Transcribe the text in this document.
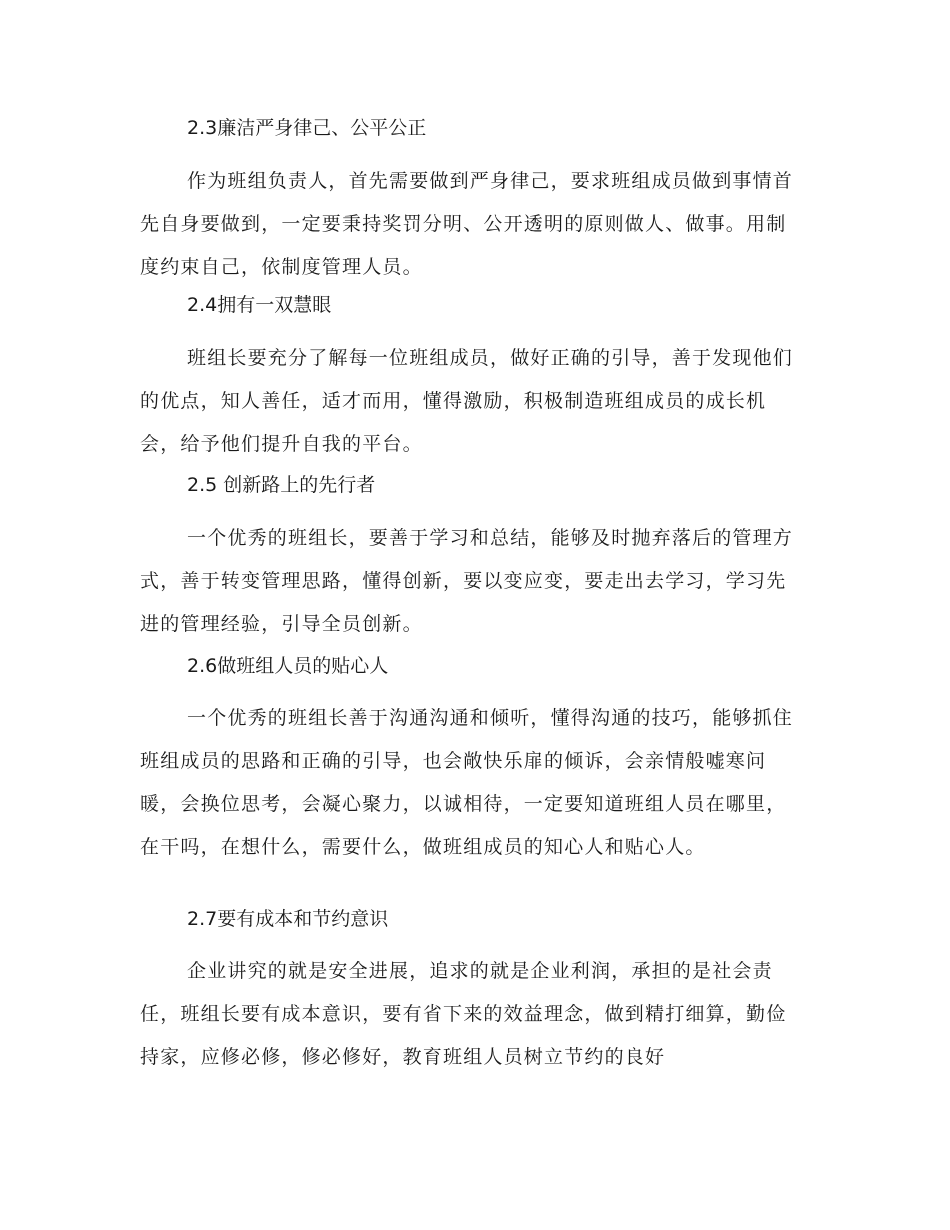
2.3廉洁严身律己、公平公正

作为班组负责人，首先需要做到严身律己，要求班组成员做到事情首先自身要做到，一定要秉持奖罚分明、公开透明的原则做人、做事。用制度约束自己，依制度管理人员。

2.4拥有一双慧眼

班组长要充分了解每一位班组成员，做好正确的引导，善于发现他们的优点，知人善任，适才而用，懂得激励，积极制造班组成员的成长机会，给予他们提升自我的平台。

2.5 创新路上的先行者

一个优秀的班组长，要善于学习和总结，能够及时抛弃落后的管理方式，善于转变管理思路，懂得创新，要以变应变，要走出去学习，学习先进的管理经验，引导全员创新。

2.6做班组人员的贴心人

一个优秀的班组长善于沟通沟通和倾听，懂得沟通的技巧，能够抓住班组成员的思路和正确的引导，也会敞快乐扉的倾诉，会亲情般嘘寒问暖，会换位思考，会凝心聚力，以诚相待，一定要知道班组人员在哪里，在干吗，在想什么，需要什么，做班组成员的知心人和贴心人。

2.7要有成本和节约意识

企业讲究的就是安全进展，追求的就是企业利润，承担的是社会责任，班组长要有成本意识，要有省下来的效益理念，做到精打细算，勤俭持家，应修必修，修必修好，教育班组人员树立节约的良好
